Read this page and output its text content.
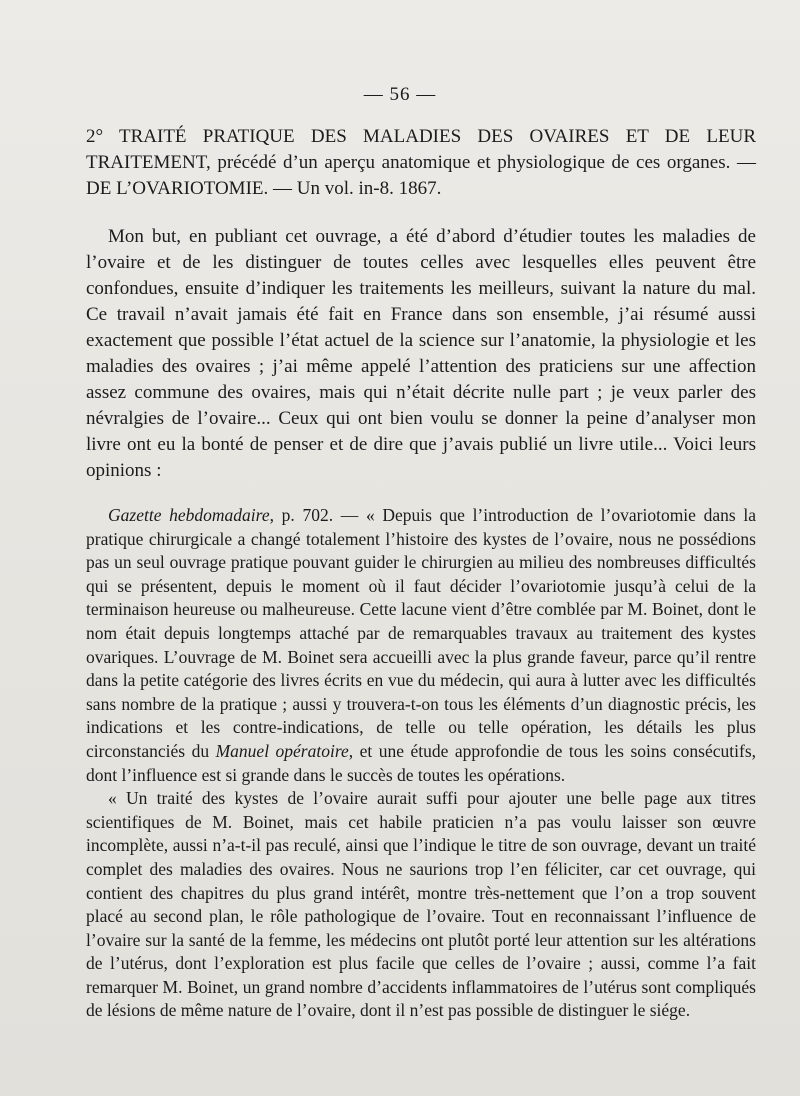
— 56 —

2° TRAITÉ PRATIQUE DES MALADIES DES OVAIRES ET DE LEUR TRAITEMENT, précédé d’un aperçu anatomique et physiologique de ces organes. — DE L’OVARIOTOMIE. — Un vol. in-8. 1867.

Mon but, en publiant cet ouvrage, a été d’abord d’étudier toutes les maladies de l’ovaire et de les distinguer de toutes celles avec lesquelles elles peuvent être confondues, ensuite d’indiquer les traitements les meilleurs, suivant la nature du mal. Ce travail n’avait jamais été fait en France dans son ensemble, j’ai résumé aussi exactement que possible l’état actuel de la science sur l’anatomie, la physiologie et les maladies des ovaires ; j’ai même appelé l’attention des praticiens sur une affection assez commune des ovaires, mais qui n’était décrite nulle part ; je veux parler des névralgies de l’ovaire... Ceux qui ont bien voulu se donner la peine d’analyser mon livre ont eu la bonté de penser et de dire que j’avais publié un livre utile... Voici leurs opinions :

Gazette hebdomadaire, p. 702. — « Depuis que l’introduction de l’ovariotomie dans la pratique chirurgicale a changé totalement l’histoire des kystes de l’ovaire, nous ne possédions pas un seul ouvrage pratique pouvant guider le chirurgien au milieu des nombreuses difficultés qui se présentent, depuis le moment où il faut décider l’ovariotomie jusqu’à celui de la terminaison heureuse ou malheureuse. Cette lacune vient d’être comblée par M. Boinet, dont le nom était depuis longtemps attaché par de remarquables travaux au traitement des kystes ovariques. L’ouvrage de M. Boinet sera accueilli avec la plus grande faveur, parce qu’il rentre dans la petite catégorie des livres écrits en vue du médecin, qui aura à lutter avec les difficultés sans nombre de la pratique ; aussi y trouvera-t-on tous les éléments d’un diagnostic précis, les indications et les contre-indications, de telle ou telle opération, les détails les plus circonstanciés du Manuel opératoire, et une étude approfondie de tous les soins consécutifs, dont l’influence est si grande dans le succès de toutes les opérations.

« Un traité des kystes de l’ovaire aurait suffi pour ajouter une belle page aux titres scientifiques de M. Boinet, mais cet habile praticien n’a pas voulu laisser son œuvre incomplète, aussi n’a-t-il pas reculé, ainsi que l’indique le titre de son ouvrage, devant un traité complet des maladies des ovaires. Nous ne saurions trop l’en féliciter, car cet ouvrage, qui contient des chapitres du plus grand intérêt, montre très-nettement que l’on a trop souvent placé au second plan, le rôle pathologique de l’ovaire. Tout en reconnaissant l’influence de l’ovaire sur la santé de la femme, les médecins ont plutôt porté leur attention sur les altérations de l’utérus, dont l’exploration est plus facile que celles de l’ovaire ; aussi, comme l’a fait remarquer M. Boinet, un grand nombre d’accidents inflammatoires de l’utérus sont compliqués de lésions de même nature de l’ovaire, dont il n’est pas possible de distinguer le siége.
